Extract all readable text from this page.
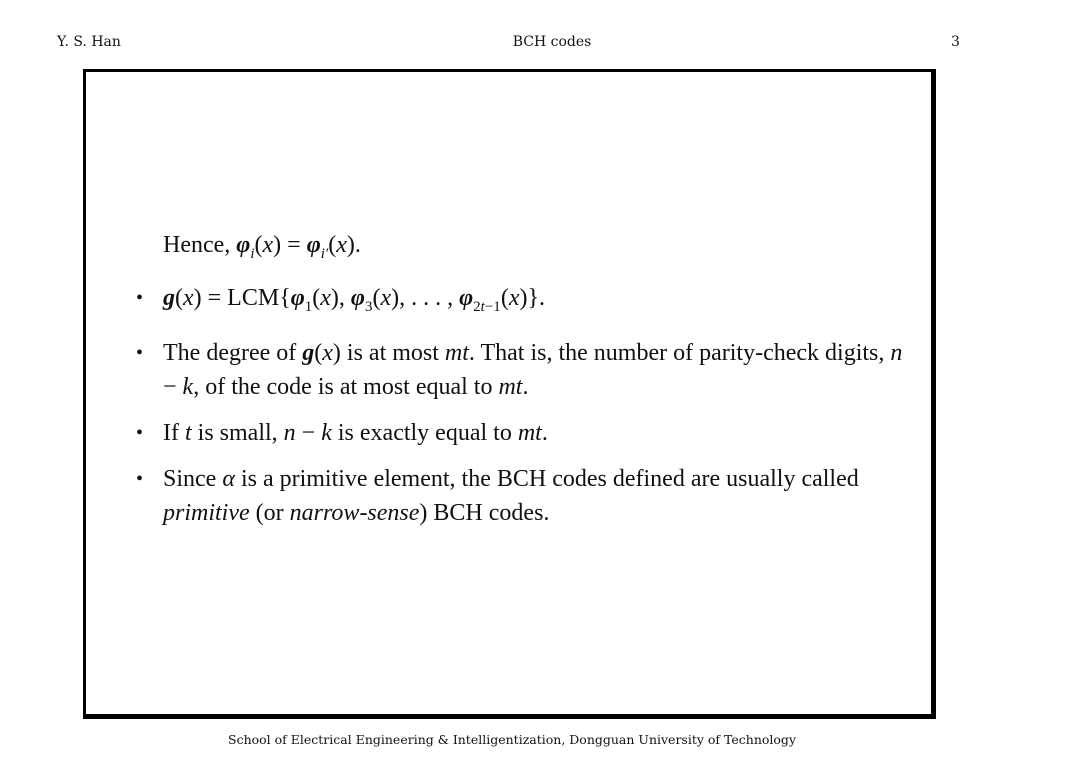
Y. S. Han	BCH codes	3
Hence, $\varphi_i(x) = \varphi_{i'}(x)$.
• $g(x) = LCM\{\varphi_1(x)$, $\varphi_3(x)$, . . . , $\varphi_{2t-1}(x)$}.
• The degree of g(x) is at most mt. That is, the number of parity-check digits, n − k, of the code is at most equal to mt.
• If t is small, n − k is exactly equal to mt.
• Since α is a primitive element, the BCH codes defined are usually called primitive (or narrow-sense) BCH codes.
School of Electrical Engineering & Intelligentization, Dongguan University of Technology
